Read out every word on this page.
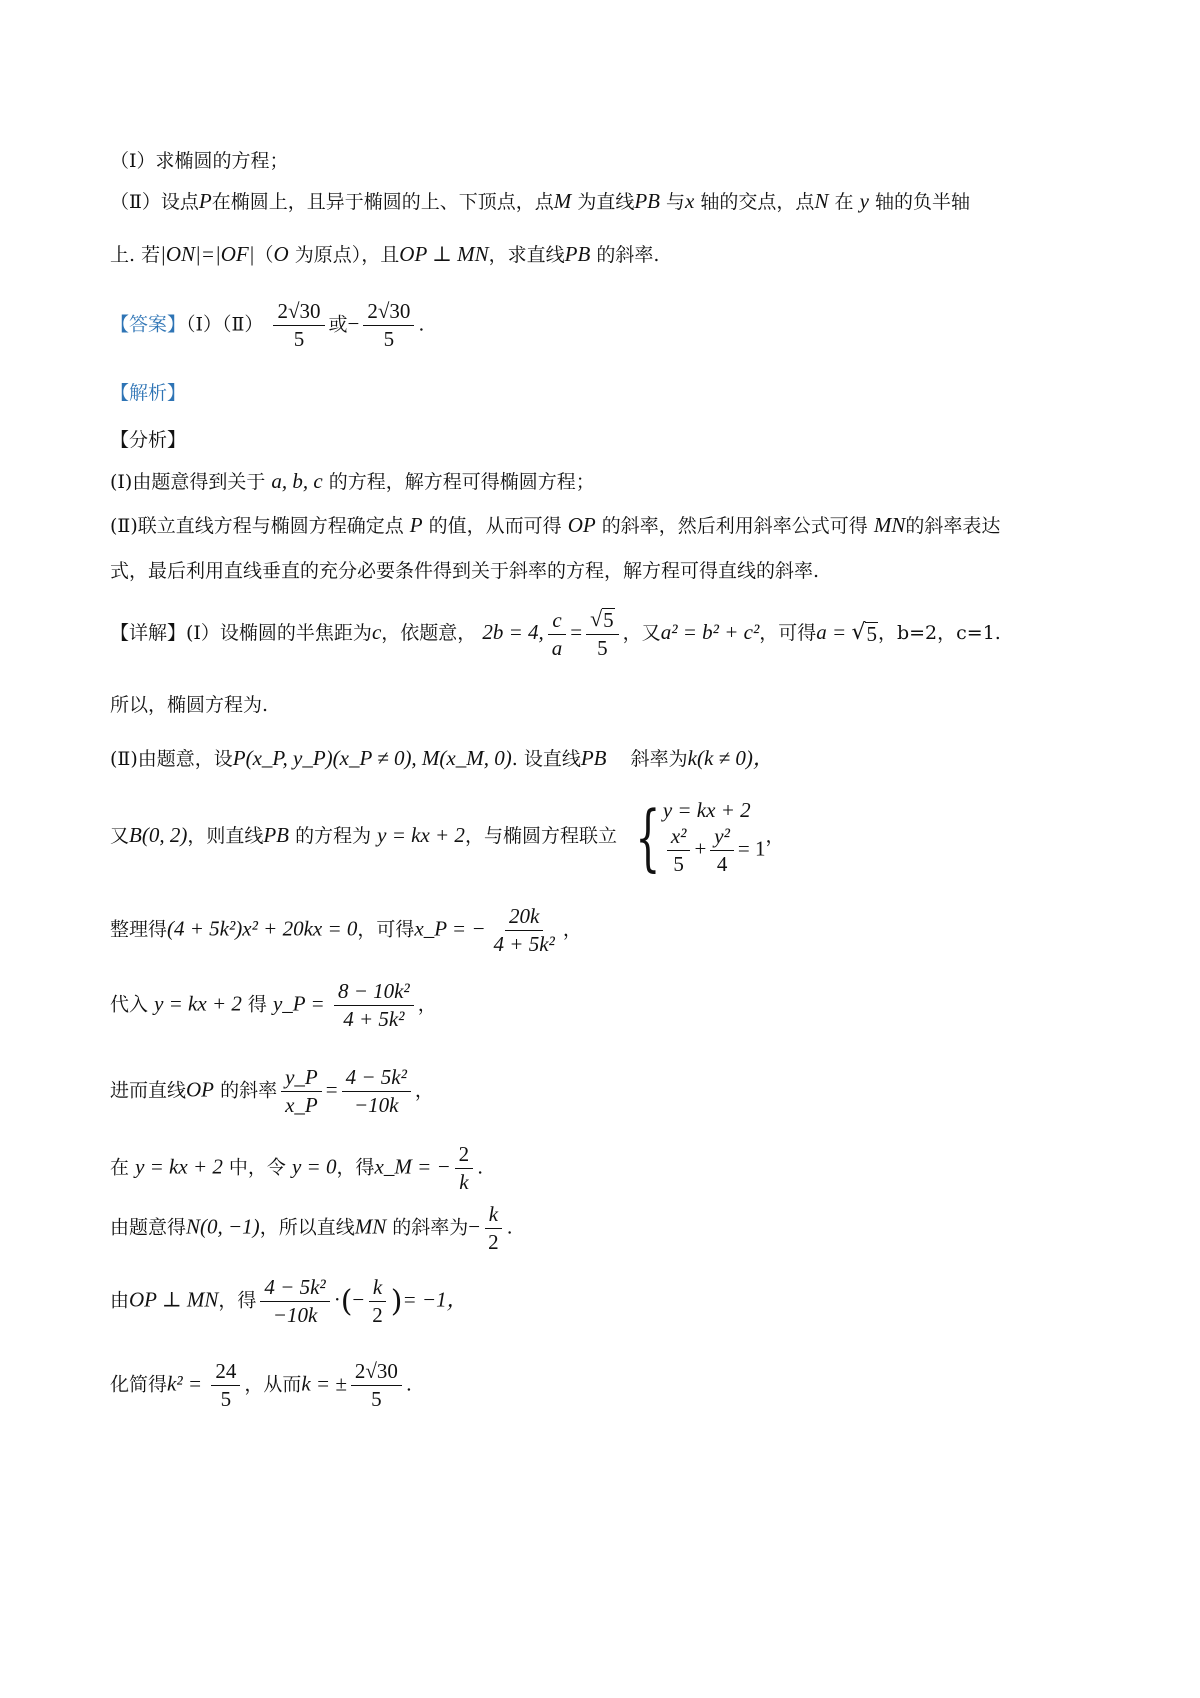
（Ⅰ）求椭圆的方程；
（Ⅱ）设点P在椭圆上，且异于椭圆的上、下顶点，点M 为直线PB 与x 轴的交点，点N 在 y 轴的负半轴
上. 若|ON|=|OF|（O 为原点），且OP ⊥ MN，求直线PB 的斜率.
【答案】（Ⅰ）（Ⅱ） $\frac{2√30}{5}$ 或− $\frac{2√30}{5}$ .
【解析】
【分析】
(Ⅰ)由题意得到关于 a, b, c 的方程，解方程可得椭圆方程；
(Ⅱ)联立直线方程与椭圆方程确定点 P 的值，从而可得 OP 的斜率，然后利用斜率公式可得 MN的斜率表达
式，最后利用直线垂直的充分必要条件得到关于斜率的方程，解方程可得直线的斜率.
【详解】(Ⅰ）设椭圆的半焦距为c，依题意， 2b = 4, $\frac{c}{a} = \frac{√ 5}{5}$ ，又a² = b² + c²，可得a = √ 5 ，b=2，c=1.
所以，椭圆方程为.
(Ⅱ)由题意，设P(x_P, y_P)(x_P ≠ 0), M(x_M, 0). 设直线PB 斜率为k(k ≠ 0)，
又B(0, 2)，则直线PB 的方程为 y = kx + 2，与椭圆方程联立 { y = kx + 2
$\frac{\text{x²}}{5} + \frac{\text{y²}}{4} = 1$
，
整理得(4 + 5k²)x² + 20kx = 0，可得x_P = − $\frac{20k}{\text{4 + 5k²}}$ ，
代入 y = kx + 2 得 y_P = $\frac{\text{8 − 10k²}}{\text{4 + 5k²}}$ ，
进而直线OP 的斜率 $\frac{y\_P}{x\_P} = \frac{\text{4 − 5k²}}{-10k}$ ，
在 y = kx + 2 中，令 y = 0，得x_M = − $\frac{2}{k}$ .
由题意得N(0, −1)，所以直线MN 的斜率为− $\frac{k}{2}$ .
由OP ⊥ MN，得 $\frac{\text{4 − 5k²}}{-10k}$ ·(− $\frac{k}{2}$ )= −1，
化简得$k^2 = \frac{24}{5}$ ，从而k = ± $\frac{2√30}{5}$ .
